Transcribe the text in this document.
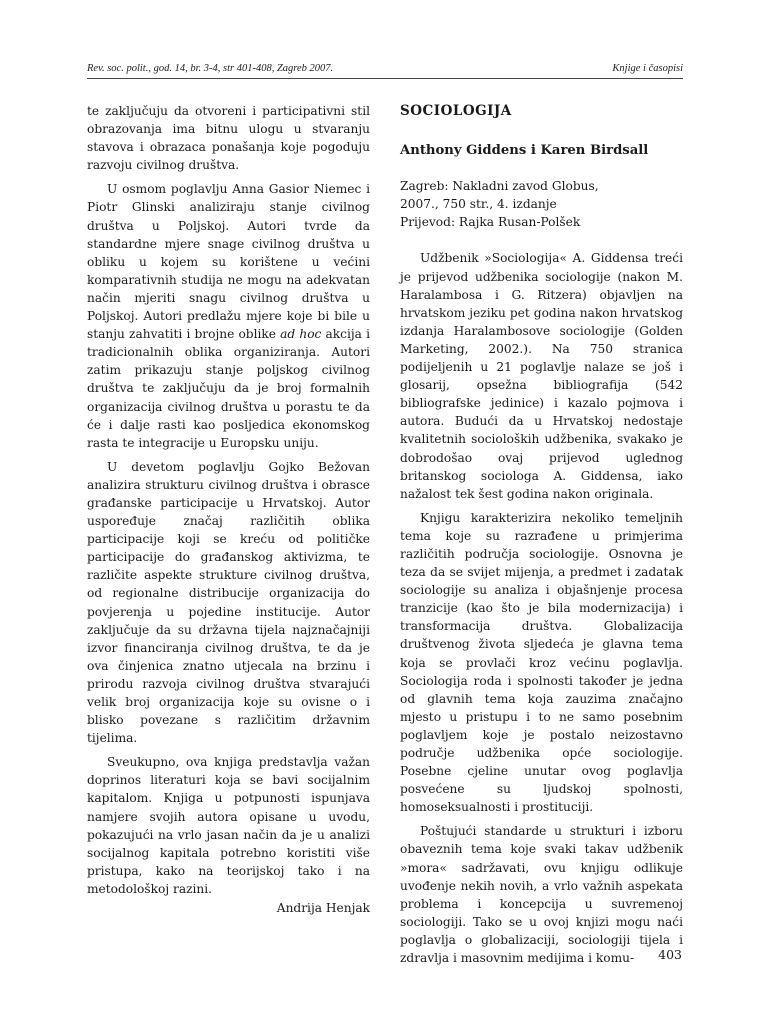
Rev. soc. polit., god. 14, br. 3-4, str 401-408, Zagreb 2007.	Knjige i časopisi

te zaključuju da otvoreni i participativni stil obrazovanja ima bitnu ulogu u stvaranju stavova i obrazaca ponašanja koje pogoduju razvoju civilnog društva.

U osmom poglavlju Anna Gasior Niemec i Piotr Glinski analiziraju stanje civilnog društva u Poljskoj. Autori tvrde da standardne mjere snage civilnog društva u obliku u kojem su korištene u većini komparativnih studija ne mogu na adekvatan način mjeriti snagu civilnog društva u Poljskoj. Autori predlažu mjere koje bi bile u stanju zahvatiti i brojne oblike ad hoc akcija i tradicionalnih oblika organiziranja. Autori zatim prikazuju stanje poljskog civilnog društva te zaključuju da je broj formalnih organizacija civilnog društva u porastu te da će i dalje rasti kao posljedica ekonomskog rasta te integracije u Europsku uniju.

U devetom poglavlju Gojko Bežovan analizira strukturu civilnog društva i obrasce građanske participacije u Hrvatskoj. Autor uspoređuje značaj različitih oblika participacije koji se kreću od političke participacije do građanskog aktivizma, te različite aspekte strukture civilnog društva, od regionalne distribucije organizacija do povjerenja u pojedine institucije. Autor zaključuje da su državna tijela najznačajniji izvor financiranja civilnog društva, te da je ova činjenica znatno utjecala na brzinu i prirodu razvoja civilnog društva stvarajući velik broj organizacija koje su ovisne o i blisko povezane s različitim državnim tijelima.

Sveukupno, ova knjiga predstavlja važan doprinos literaturi koja se bavi socijalnim kapitalom. Knjiga u potpunosti ispunjava namjere svojih autora opisane u uvodu, pokazujući na vrlo jasan način da je u analizi socijalnog kapitala potrebno koristiti više pristupa, kako na teorijskoj tako i na metodološkoj razini.

Andrija Henjak
SOCIOLOGIJA
Anthony Giddens i Karen Birdsall
Zagreb: Nakladni zavod Globus,
2007., 750 str., 4. izdanje
Prijevod: Rajka Rusan-Polšek

Udžbenik »Sociologija« A. Giddensa treći je prijevod udžbenika sociologije (nakon M. Haralambosa i G. Ritzera) objavljen na hrvatskom jeziku pet godina nakon hrvatskog izdanja Haralambosove sociologije (Golden Marketing, 2002.). Na 750 stranica podijeljenih u 21 poglavlje nalaze se još i glosarij, opsežna bibliografija (542 bibliografske jedinice) i kazalo pojmova i autora. Budući da u Hrvatskoj nedostaje kvalitetnih socioloških udžbenika, svakako je dobrodošao ovaj prijevod uglednog britanskog sociologa A. Giddensa, iako nažalost tek šest godina nakon originala.

Knjigu karakterizira nekoliko temeljnih tema koje su razrađene u primjerima različitih područja sociologije. Osnovna je teza da se svijet mijenja, a predmet i zadatak sociologije su analiza i objašnjenje procesa tranzicije (kao što je bila modernizacija) i transformacija društva. Globalizacija društvenog života sljedeća je glavna tema koja se provlači kroz većinu poglavlja. Sociologija roda i spolnosti također je jedna od glavnih tema koja zauzima značajno mjesto u pristupu i to ne samo posebnim poglavljem koje je postalo neizostavno područje udžbenika opće sociologije. Posebne cjeline unutar ovog poglavlja posvećene su ljudskoj spolnosti, homoseksualnosti i prostituciji.

Poštujući standarde u strukturi i izboru obaveznih tema koje svaki takav udžbenik »mora« sadržavati, ovu knjigu odlikuje uvođenje nekih novih, a vrlo važnih aspekata problema i koncepcija u suvremenoj sociologiji. Tako se u ovoj knjizi mogu naći poglavlja o globalizaciji, sociologiji tijela i zdravlja i masovnim medijima i komu-	403
